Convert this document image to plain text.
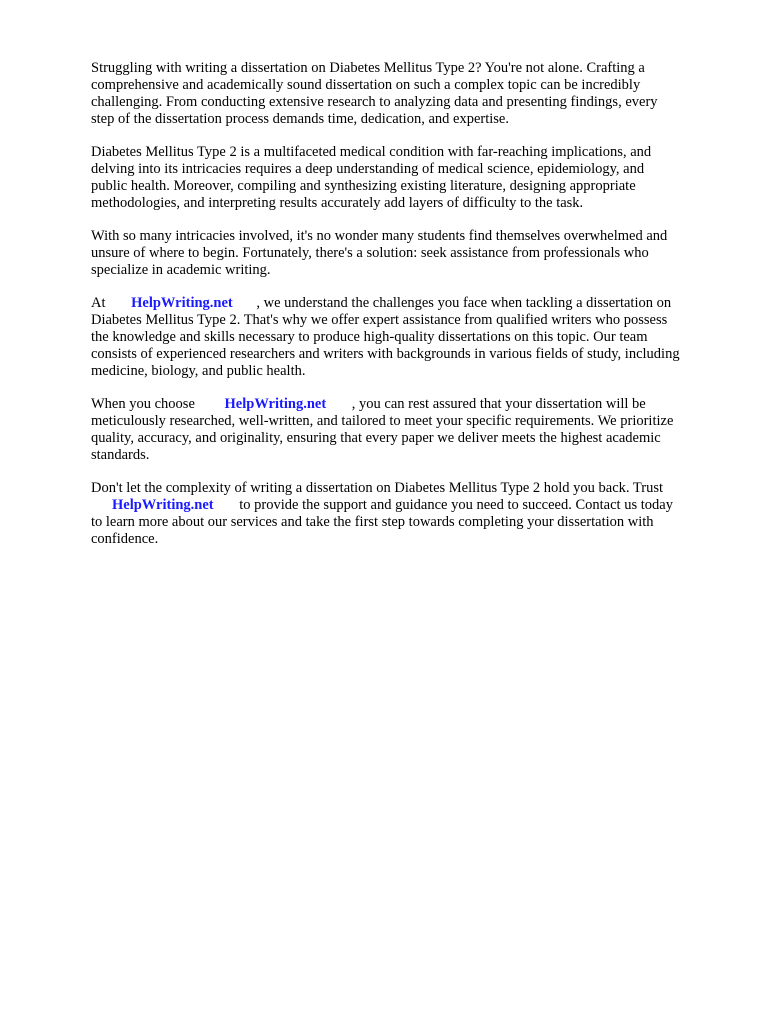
Struggling with writing a dissertation on Diabetes Mellitus Type 2? You're not alone. Crafting a
comprehensive and academically sound dissertation on such a complex topic can be incredibly
challenging. From conducting extensive research to analyzing data and presenting findings, every
step of the dissertation process demands time, dedication, and expertise.

Diabetes Mellitus Type 2 is a multifaceted medical condition with far-reaching implications, and
delving into its intricacies requires a deep understanding of medical science, epidemiology, and
public health. Moreover, compiling and synthesizing existing literature, designing appropriate
methodologies, and interpreting results accurately add layers of difficulty to the task.

With so many intricacies involved, it's no wonder many students find themselves overwhelmed and
unsure of where to begin. Fortunately, there's a solution: seek assistance from professionals who
specialize in academic writing.

At HelpWriting.net , we understand the challenges you face when tackling a dissertation on
Diabetes Mellitus Type 2. That's why we offer expert assistance from qualified writers who possess
the knowledge and skills necessary to produce high-quality dissertations on this topic. Our team
consists of experienced researchers and writers with backgrounds in various fields of study, including
medicine, biology, and public health.

When you choose HelpWriting.net , you can rest assured that your dissertation will be
meticulously researched, well-written, and tailored to meet your specific requirements. We prioritize
quality, accuracy, and originality, ensuring that every paper we deliver meets the highest academic
standards.

Don't let the complexity of writing a dissertation on Diabetes Mellitus Type 2 hold you back. Trust
HelpWriting.net to provide the support and guidance you need to succeed. Contact us today
to learn more about our services and take the first step towards completing your dissertation with
confidence.
